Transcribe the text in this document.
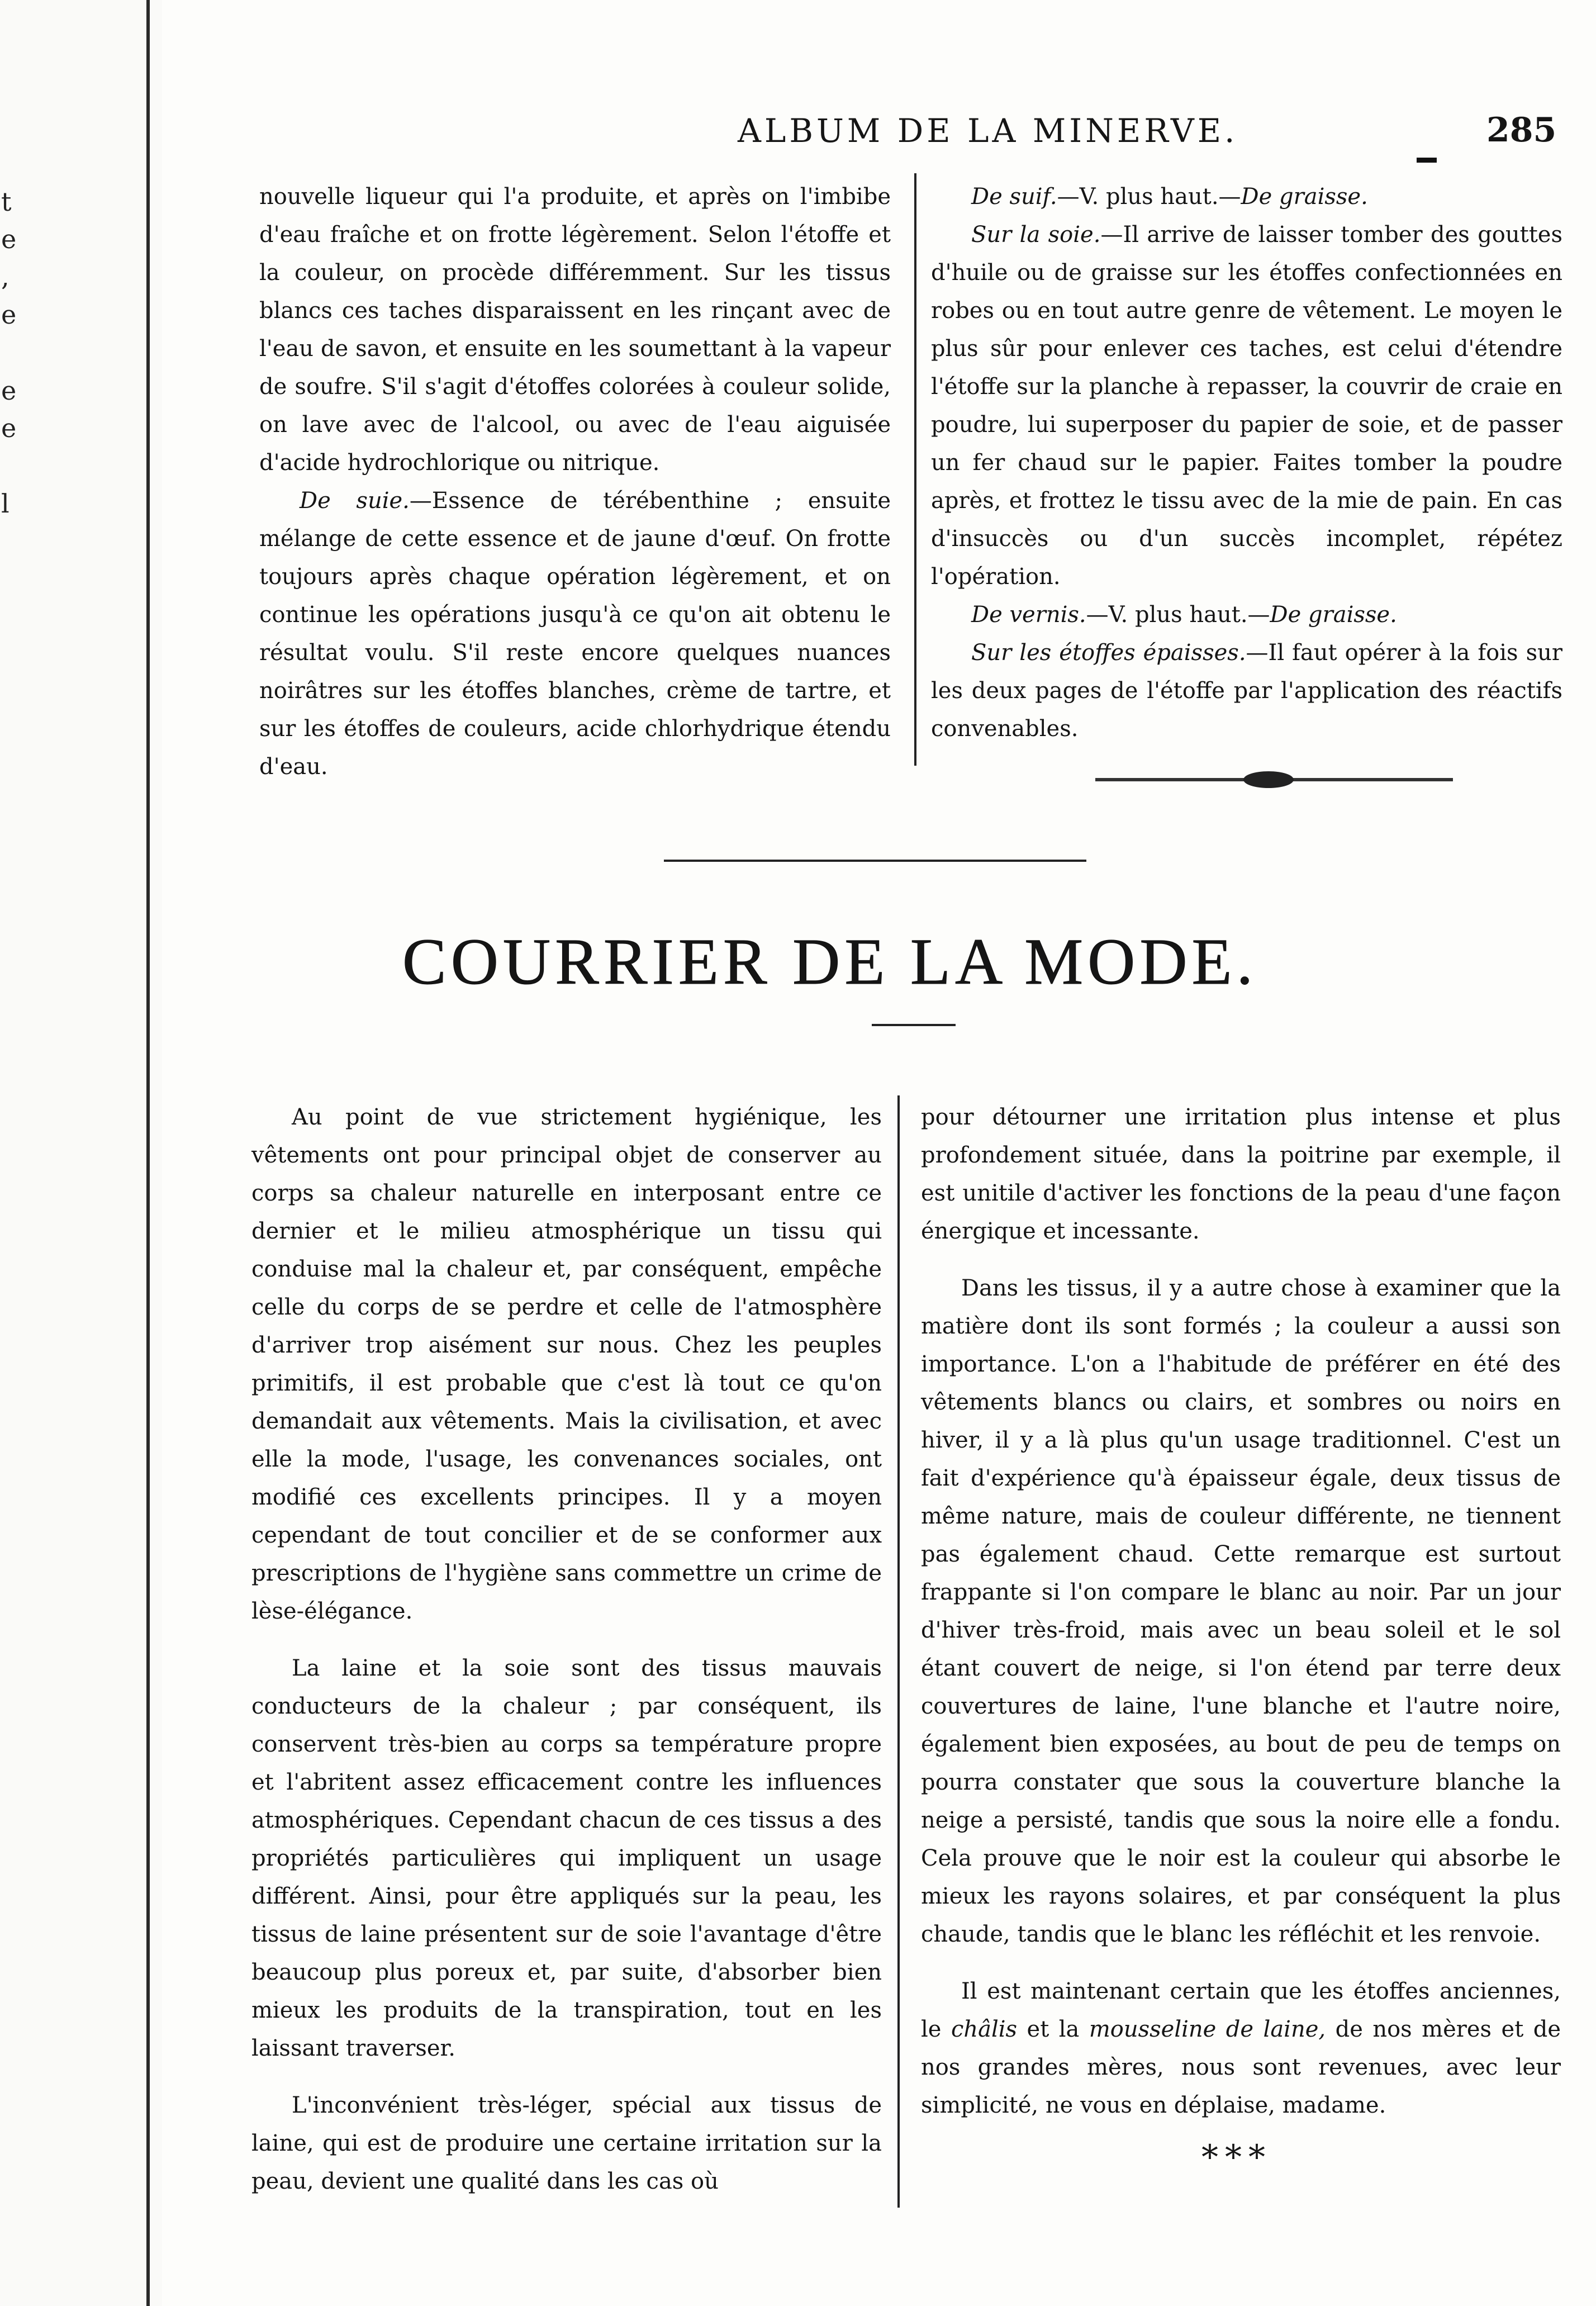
t
e
,
e
e
e
l
ALBUM DE LA MINERVE.	285

nouvelle liqueur qui l'a produite, et après on l'imbibe d'eau fraîche et on frotte légèrement. Selon l'étoffe et la couleur, on procède différemment. Sur les tissus blancs ces taches disparaissent en les rinçant avec de l'eau de savon, et ensuite en les soumettant à la vapeur de soufre. S'il s'agit d'étoffes colorées à couleur solide, on lave avec de l'alcool, ou avec de l'eau aiguisée d'acide hydrochlorique ou nitrique.

De suie.—Essence de térébenthine ; ensuite mélange de cette essence et de jaune d'œuf. On frotte toujours après chaque opération légèrement, et on continue les opérations jusqu'à ce qu'on ait obtenu le résultat voulu. S'il reste encore quelques nuances noirâtres sur les étoffes blanches, crème de tartre, et sur les étoffes de couleurs, acide chlorhydrique étendu d'eau.

De suif.—V. plus haut.—De graisse.

Sur la soie.—Il arrive de laisser tomber des gouttes d'huile ou de graisse sur les étoffes confectionnées en robes ou en tout autre genre de vêtement. Le moyen le plus sûr pour enlever ces taches, est celui d'étendre l'étoffe sur la planche à repasser, la couvrir de craie en poudre, lui superposer du papier de soie, et de passer un fer chaud sur le papier. Faites tomber la poudre après, et frottez le tissu avec de la mie de pain. En cas d'insuccès ou d'un succès incomplet, répétez l'opération.

De vernis.—V. plus haut.—De graisse.

Sur les étoffes épaisses.—Il faut opérer à la fois sur les deux pages de l'étoffe par l'application des réactifs convenables.

COURRIER DE LA MODE.

Au point de vue strictement hygiénique, les vêtements ont pour principal objet de conserver au corps sa chaleur naturelle en interposant entre ce dernier et le milieu atmosphérique un tissu qui conduise mal la chaleur et, par conséquent, empêche celle du corps de se perdre et celle de l'atmosphère d'arriver trop aisément sur nous. Chez les peuples primitifs, il est probable que c'est là tout ce qu'on demandait aux vêtements. Mais la civilisation, et avec elle la mode, l'usage, les convenances sociales, ont modifié ces excellents principes. Il y a moyen cependant de tout concilier et de se conformer aux prescriptions de l'hygiène sans commettre un crime de lèse-élégance.

La laine et la soie sont des tissus mauvais conducteurs de la chaleur ; par conséquent, ils conservent très-bien au corps sa température propre et l'abritent assez efficacement contre les influences atmosphériques. Cependant chacun de ces tissus a des propriétés particulières qui impliquent un usage différent. Ainsi, pour être appliqués sur la peau, les tissus de laine présentent sur de soie l'avantage d'être beaucoup plus poreux et, par suite, d'absorber bien mieux les produits de la transpiration, tout en les laissant traverser.

L'inconvénient très-léger, spécial aux tissus de laine, qui est de produire une certaine irritation sur la peau, devient une qualité dans les cas où

pour détourner une irritation plus intense et plus profondement située, dans la poitrine par exemple, il est unitile d'activer les fonctions de la peau d'une façon énergique et incessante.

Dans les tissus, il y a autre chose à examiner que la matière dont ils sont formés ; la couleur a aussi son importance. L'on a l'habitude de préférer en été des vêtements blancs ou clairs, et sombres ou noirs en hiver, il y a là plus qu'un usage traditionnel. C'est un fait d'expérience qu'à épaisseur égale, deux tissus de même nature, mais de couleur différente, ne tiennent pas également chaud. Cette remarque est surtout frappante si l'on compare le blanc au noir. Par un jour d'hiver très-froid, mais avec un beau soleil et le sol étant couvert de neige, si l'on étend par terre deux couvertures de laine, l'une blanche et l'autre noire, également bien exposées, au bout de peu de temps on pourra constater que sous la couverture blanche la neige a persisté, tandis que sous la noire elle a fondu. Cela prouve que le noir est la couleur qui absorbe le mieux les rayons solaires, et par conséquent la plus chaude, tandis que le blanc les réfléchit et les renvoie.

Il est maintenant certain que les étoffes anciennes, le châlis et la mousseline de laine, de nos mères et de nos grandes mères, nous sont revenues, avec leur simplicité, ne vous en déplaise, madame.

* * *
